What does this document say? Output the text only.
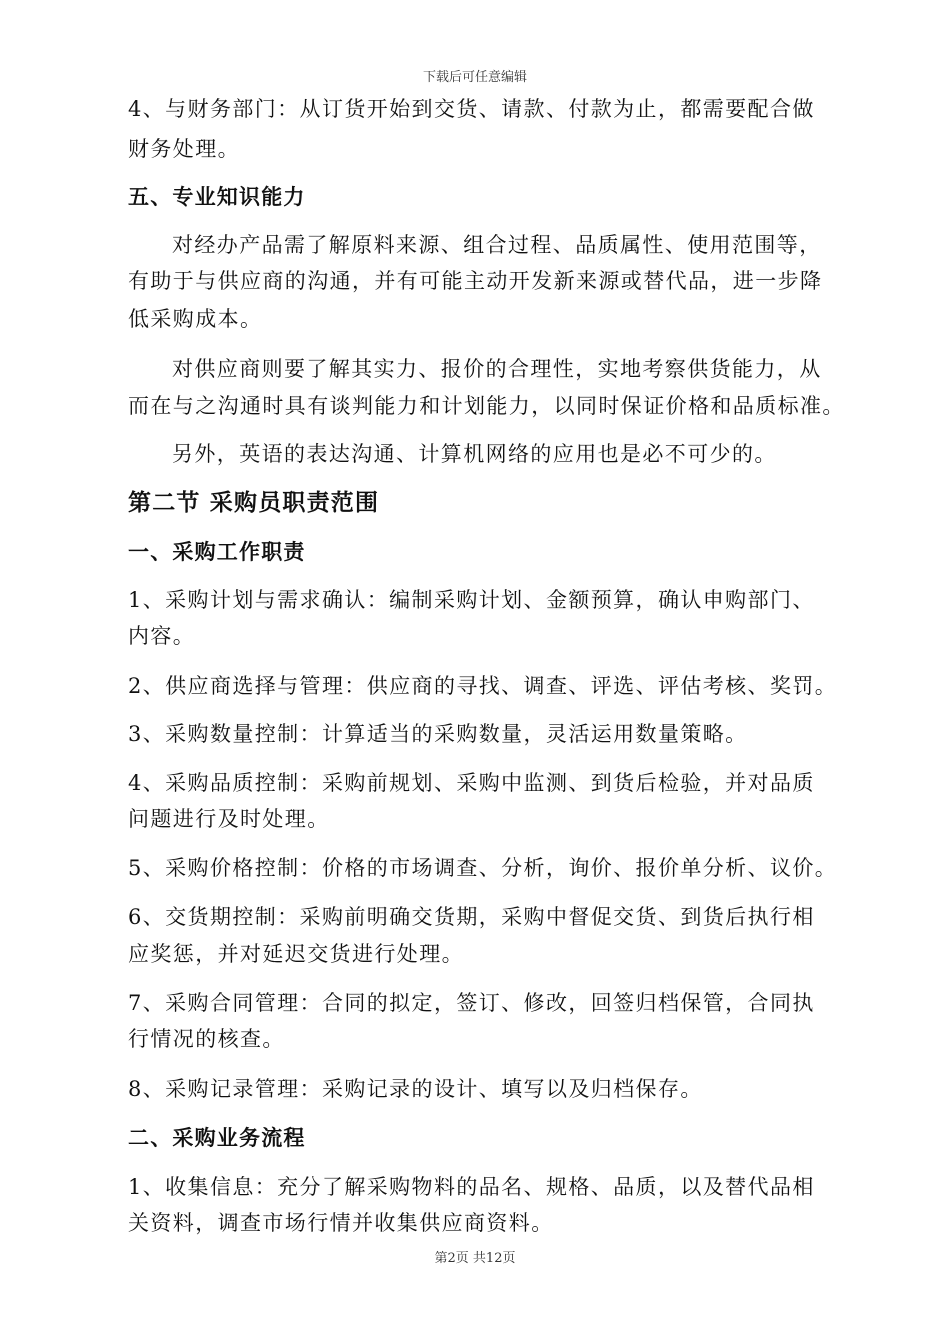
下载后可任意编辑
4、与财务部门：从订货开始到交货、请款、付款为止，都需要配合做
财务处理。
五、专业知识能力
对经办产品需了解原料来源、组合过程、品质属性、使用范围等，
有助于与供应商的沟通，并有可能主动开发新来源或替代品，进一步降
低采购成本。
对供应商则要了解其实力、报价的合理性，实地考察供货能力，从
而在与之沟通时具有谈判能力和计划能力，以同时保证价格和品质标准。
另外，英语的表达沟通、计算机网络的应用也是必不可少的。
第二节 采购员职责范围
一、采购工作职责
1、采购计划与需求确认：编制采购计划、金额预算，确认申购部门、
内容。
2、供应商选择与管理：供应商的寻找、调查、评选、评估考核、奖罚。
3、采购数量控制：计算适当的采购数量，灵活运用数量策略。
4、采购品质控制：采购前规划、采购中监测、到货后检验，并对品质
问题进行及时处理。
5、采购价格控制：价格的市场调查、分析，询价、报价单分析、议价。
6、交货期控制：采购前明确交货期，采购中督促交货、到货后执行相
应奖惩，并对延迟交货进行处理。
7、采购合同管理：合同的拟定，签订、修改，回签归档保管，合同执
行情况的核查。
8、采购记录管理：采购记录的设计、填写以及归档保存。
二、采购业务流程
1、收集信息：充分了解采购物料的品名、规格、品质，以及替代品相
关资料，调查市场行情并收集供应商资料。
第2页 共12页
